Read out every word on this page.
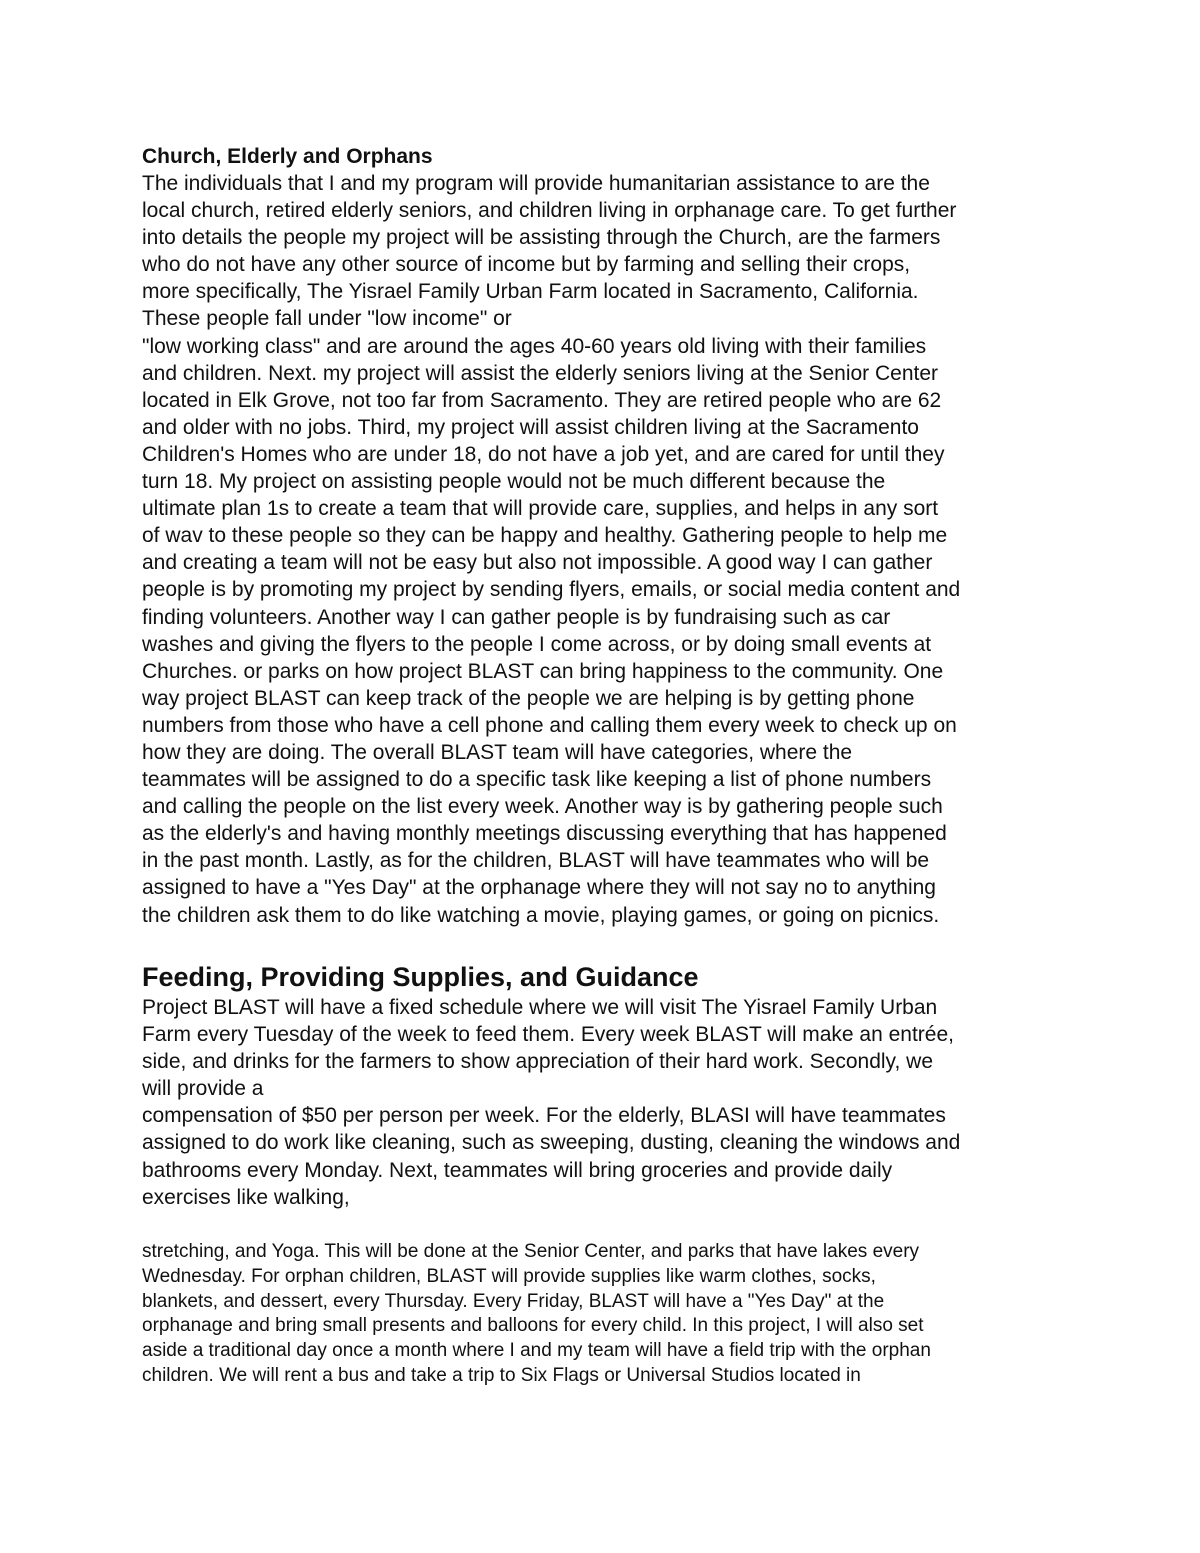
Church, Elderly and Orphans
The individuals that I and my program will provide humanitarian assistance to are the
local church, retired elderly seniors, and children living in orphanage care. To get further
into details the people my project will be assisting through the Church, are the farmers
who do not have any other source of income but by farming and selling their crops,
more specifically, The Yisrael Family Urban Farm located in Sacramento, California.
These people fall under "low income" or
"low working class" and are around the ages 40-60 years old living with their families
and children. Next. my project will assist the elderly seniors living at the Senior Center
located in Elk Grove, not too far from Sacramento. They are retired people who are 62
and older with no jobs. Third, my project will assist children living at the Sacramento
Children's Homes who are under 18, do not have a job yet, and are cared for until they
turn 18. My project on assisting people would not be much different because the
ultimate plan 1s to create a team that will provide care, supplies, and helps in any sort
of wav to these people so they can be happy and healthy. Gathering people to help me
and creating a team will not be easy but also not impossible. A good way I can gather
people is by promoting my project by sending flyers, emails, or social media content and
finding volunteers. Another way I can gather people is by fundraising such as car
washes and giving the flyers to the people I come across, or by doing small events at
Churches. or parks on how project BLAST can bring happiness to the community. One
way project BLAST can keep track of the people we are helping is by getting phone
numbers from those who have a cell phone and calling them every week to check up on
how they are doing. The overall BLAST team will have categories, where the
teammates will be assigned to do a specific task like keeping a list of phone numbers
and calling the people on the list every week. Another way is by gathering people such
as the elderly's and having monthly meetings discussing everything that has happened
in the past month. Lastly, as for the children, BLAST will have teammates who will be
assigned to have a "Yes Day" at the orphanage where they will not say no to anything
the children ask them to do like watching a movie, playing games, or going on picnics.
Feeding, Providing Supplies, and Guidance
Project BLAST will have a fixed schedule where we will visit The Yisrael Family Urban
Farm every Tuesday of the week to feed them. Every week BLAST will make an entrée,
side, and drinks for the farmers to show appreciation of their hard work. Secondly, we
will provide a
compensation of $50 per person per week. For the elderly, BLASI will have teammates
assigned to do work like cleaning, such as sweeping, dusting, cleaning the windows and
bathrooms every Monday. Next, teammates will bring groceries and provide daily
exercises like walking,
stretching, and Yoga. This will be done at the Senior Center, and parks that have lakes every
Wednesday. For orphan children, BLAST will provide supplies like warm clothes, socks,
blankets, and dessert, every Thursday. Every Friday, BLAST will have a "Yes Day" at the
orphanage and bring small presents and balloons for every child. In this project, I will also set
aside a traditional day once a month where I and my team will have a field trip with the orphan
children. We will rent a bus and take a trip to Six Flags or Universal Studios located in
